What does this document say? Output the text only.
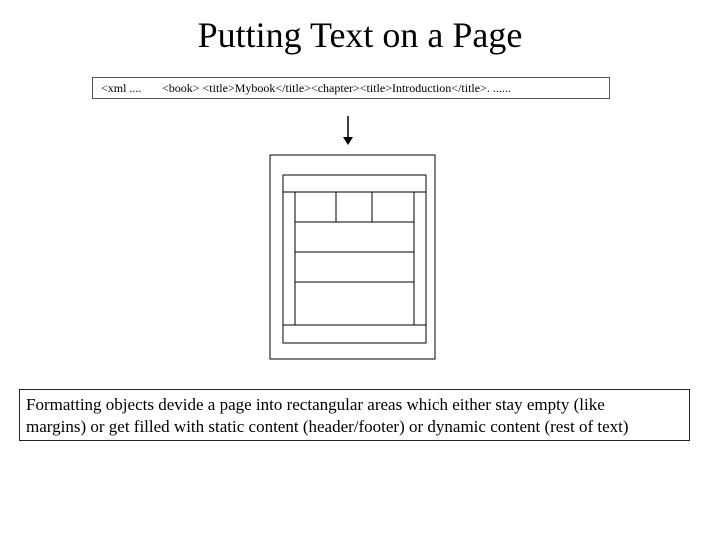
Putting Text on a Page
<xml .... <book> <title>Mybook</title><chapter><title>Introduction</title>. ......
Formatting objects devide a page into rectangular areas which either stay empty (like
margins) or get filled with static content (header/footer) or dynamic content (rest of text)
